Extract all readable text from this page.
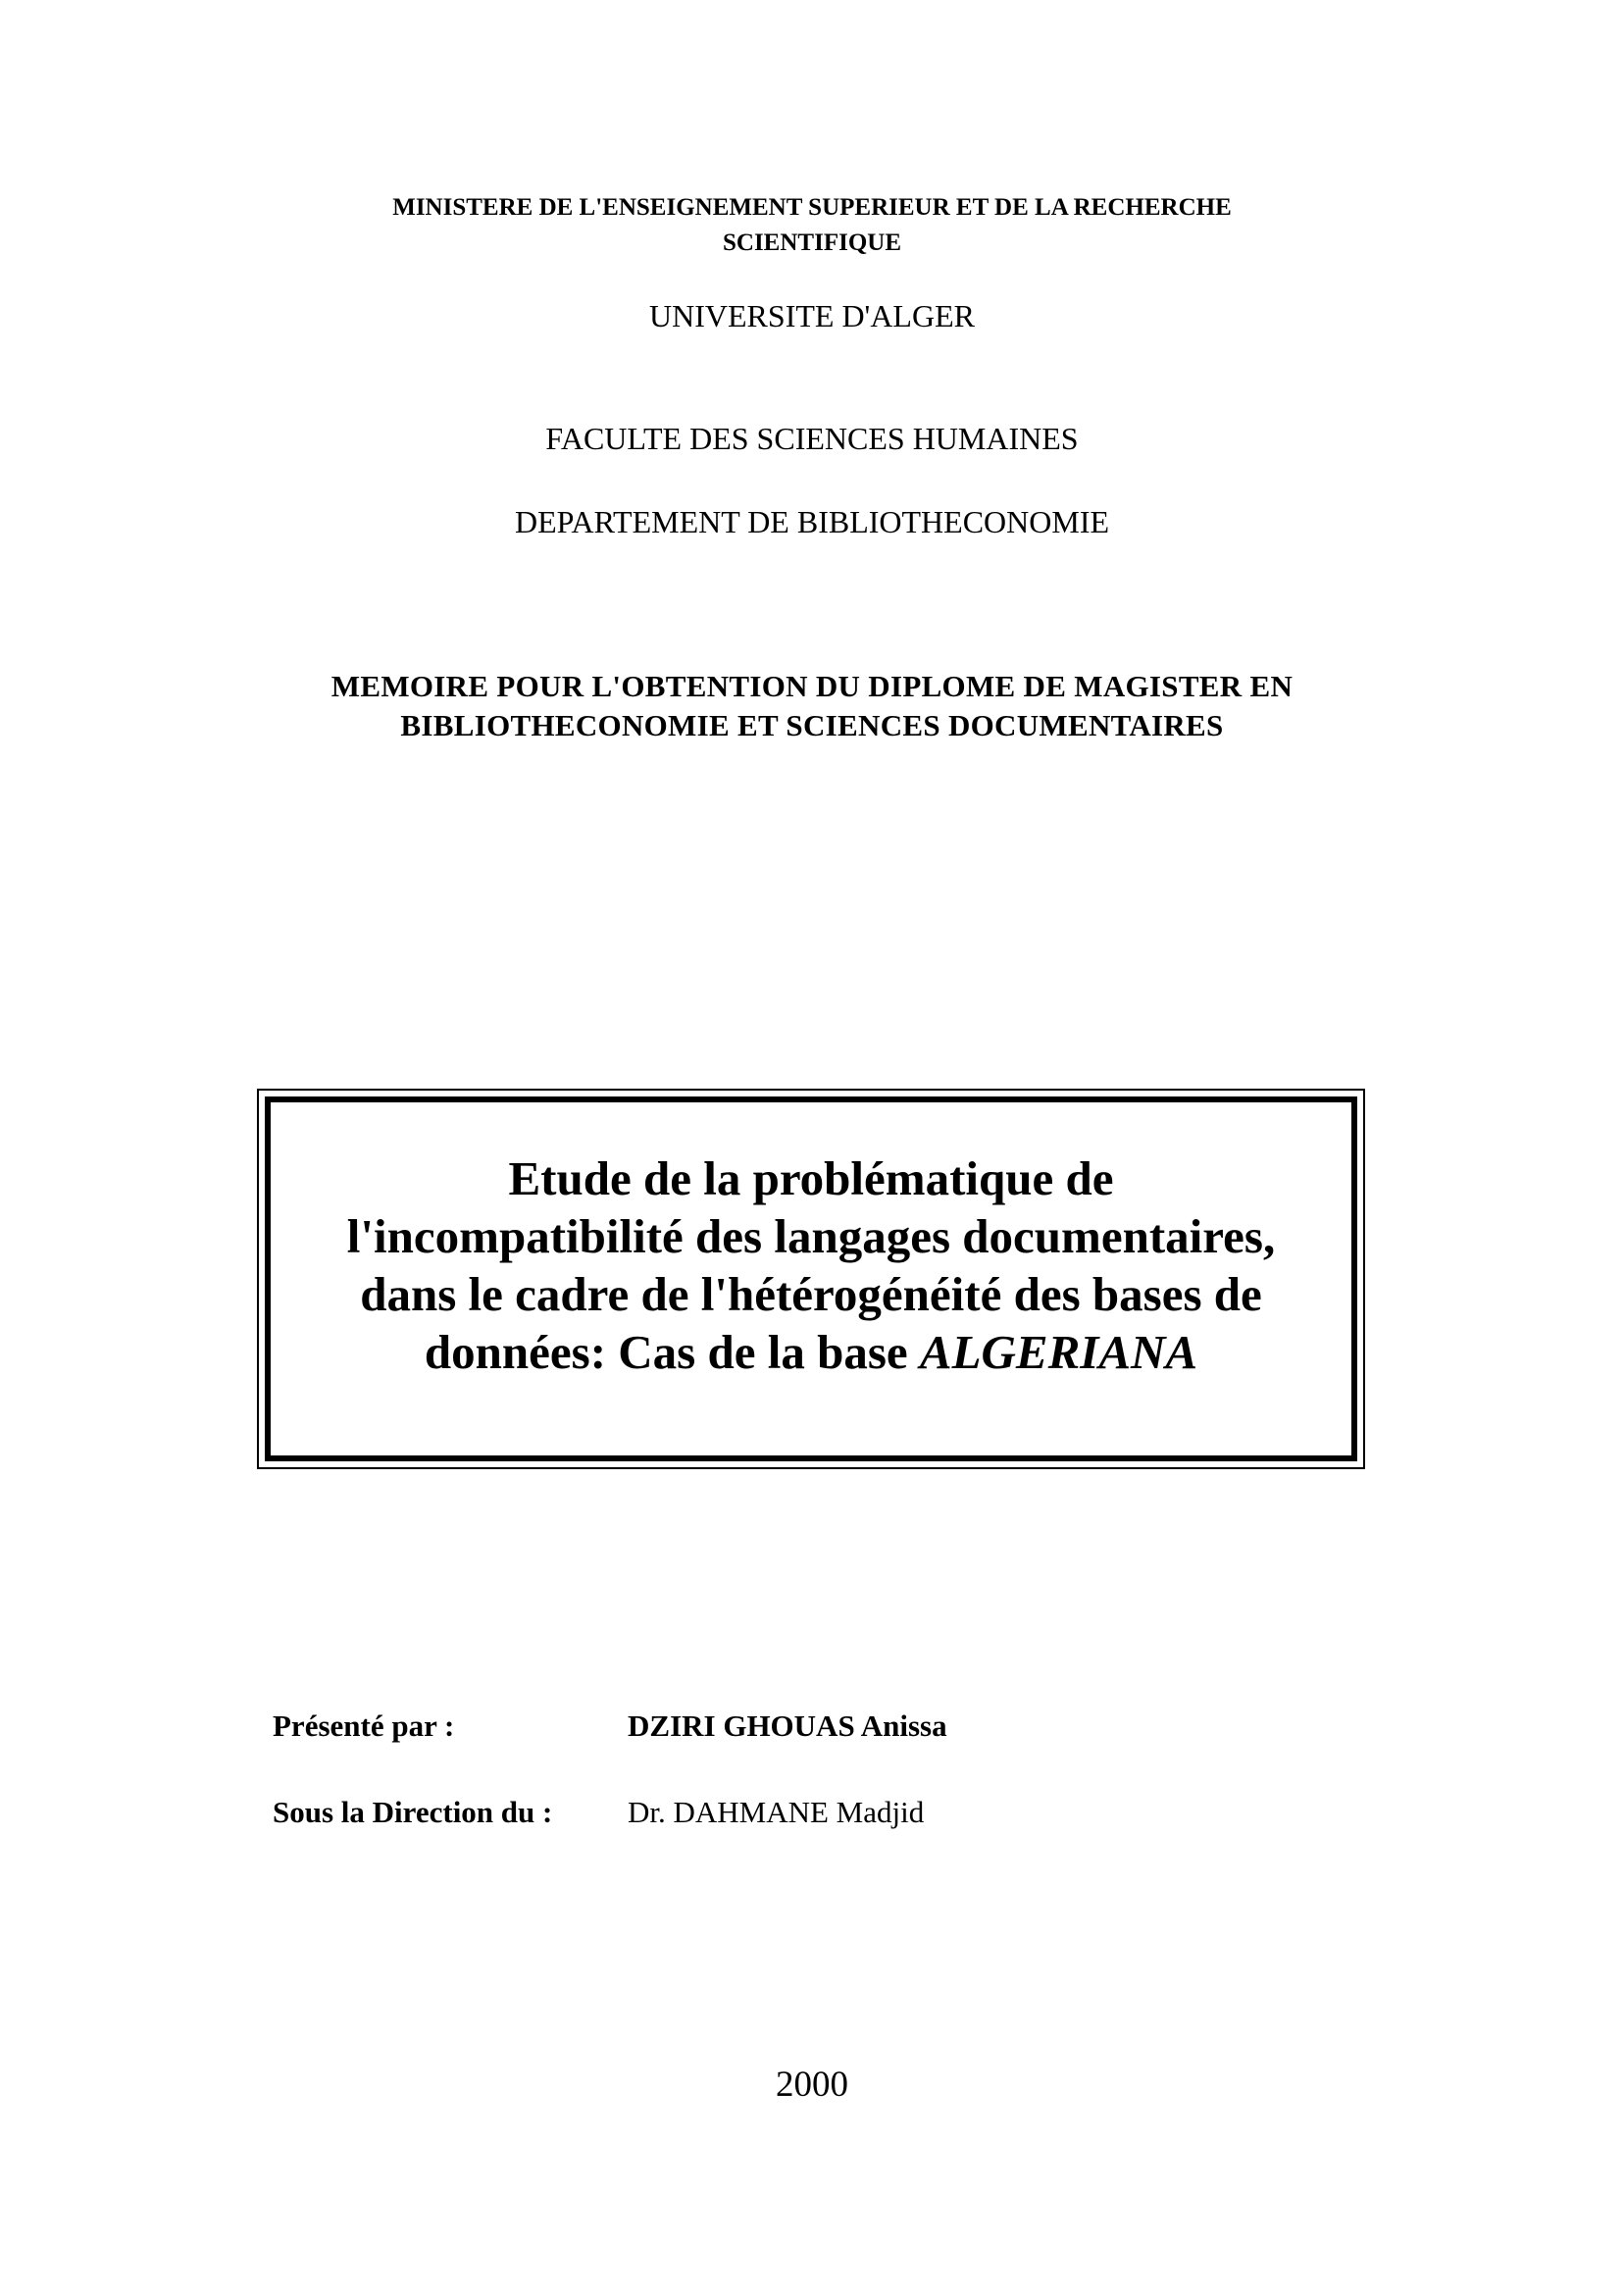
MINISTERE DE L'ENSEIGNEMENT SUPERIEUR ET DE LA RECHERCHE
SCIENTIFIQUE
UNIVERSITE D'ALGER
FACULTE DES SCIENCES HUMAINES
DEPARTEMENT DE BIBLIOTHECONOMIE
MEMOIRE POUR L'OBTENTION DU DIPLOME DE MAGISTER EN
BIBLIOTHECONOMIE ET SCIENCES DOCUMENTAIRES
Etude de la problématique de
l'incompatibilité des langages documentaires,
dans le cadre de l'hétérogénéité des bases de
données: Cas de la base ALGERIANA
Présenté par :	DZIRI GHOUAS Anissa
Sous la Direction du : Dr. DAHMANE Madjid
2000
